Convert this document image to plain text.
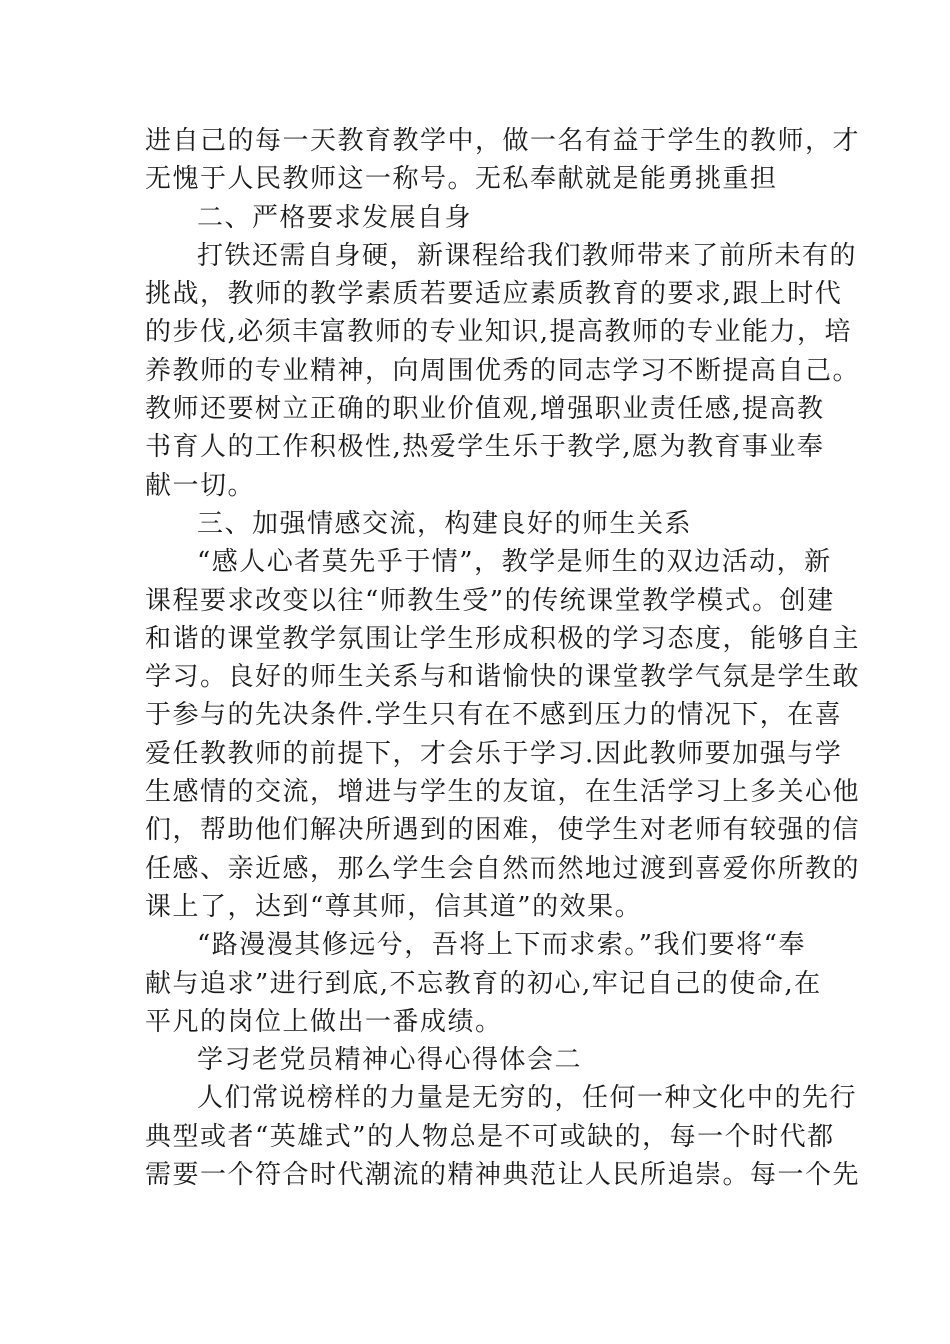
进自己的每一天教育教学中，做一名有益于学生的教师，才
无愧于人民教师这一称号。无私奉献就是能勇挑重担
二、严格要求发展自身
打铁还需自身硬，新课程给我们教师带来了前所未有的
挑战，教师的教学素质若要适应素质教育的要求,跟上时代
的步伐,必须丰富教师的专业知识,提高教师的专业能力，培
养教师的专业精神，向周围优秀的同志学习不断提高自己。
教师还要树立正确的职业价值观,增强职业责任感,提高教
书育人的工作积极性,热爱学生乐于教学,愿为教育事业奉
献一切。
三、加强情感交流，构建良好的师生关系
“感人心者莫先乎于情”，教学是师生的双边活动，新
课程要求改变以往“师教生受”的传统课堂教学模式。创建
和谐的课堂教学氛围让学生形成积极的学习态度，能够自主
学习。良好的师生关系与和谐愉快的课堂教学气氛是学生敢
于参与的先决条件.学生只有在不感到压力的情况下，在喜
爱任教教师的前提下，才会乐于学习.因此教师要加强与学
生感情的交流，增进与学生的友谊，在生活学习上多关心他
们，帮助他们解决所遇到的困难，使学生对老师有较强的信
任感、亲近感，那么学生会自然而然地过渡到喜爱你所教的
课上了，达到“尊其师，信其道”的效果。
“路漫漫其修远兮，吾将上下而求索。”我们要将“奉
献与追求”进行到底,不忘教育的初心,牢记自己的使命,在
平凡的岗位上做出一番成绩。
学习老党员精神心得心得体会二
人们常说榜样的力量是无穷的，任何一种文化中的先行
典型或者“英雄式”的人物总是不可或缺的，每一个时代都
需要一个符合时代潮流的精神典范让人民所追崇。每一个先
